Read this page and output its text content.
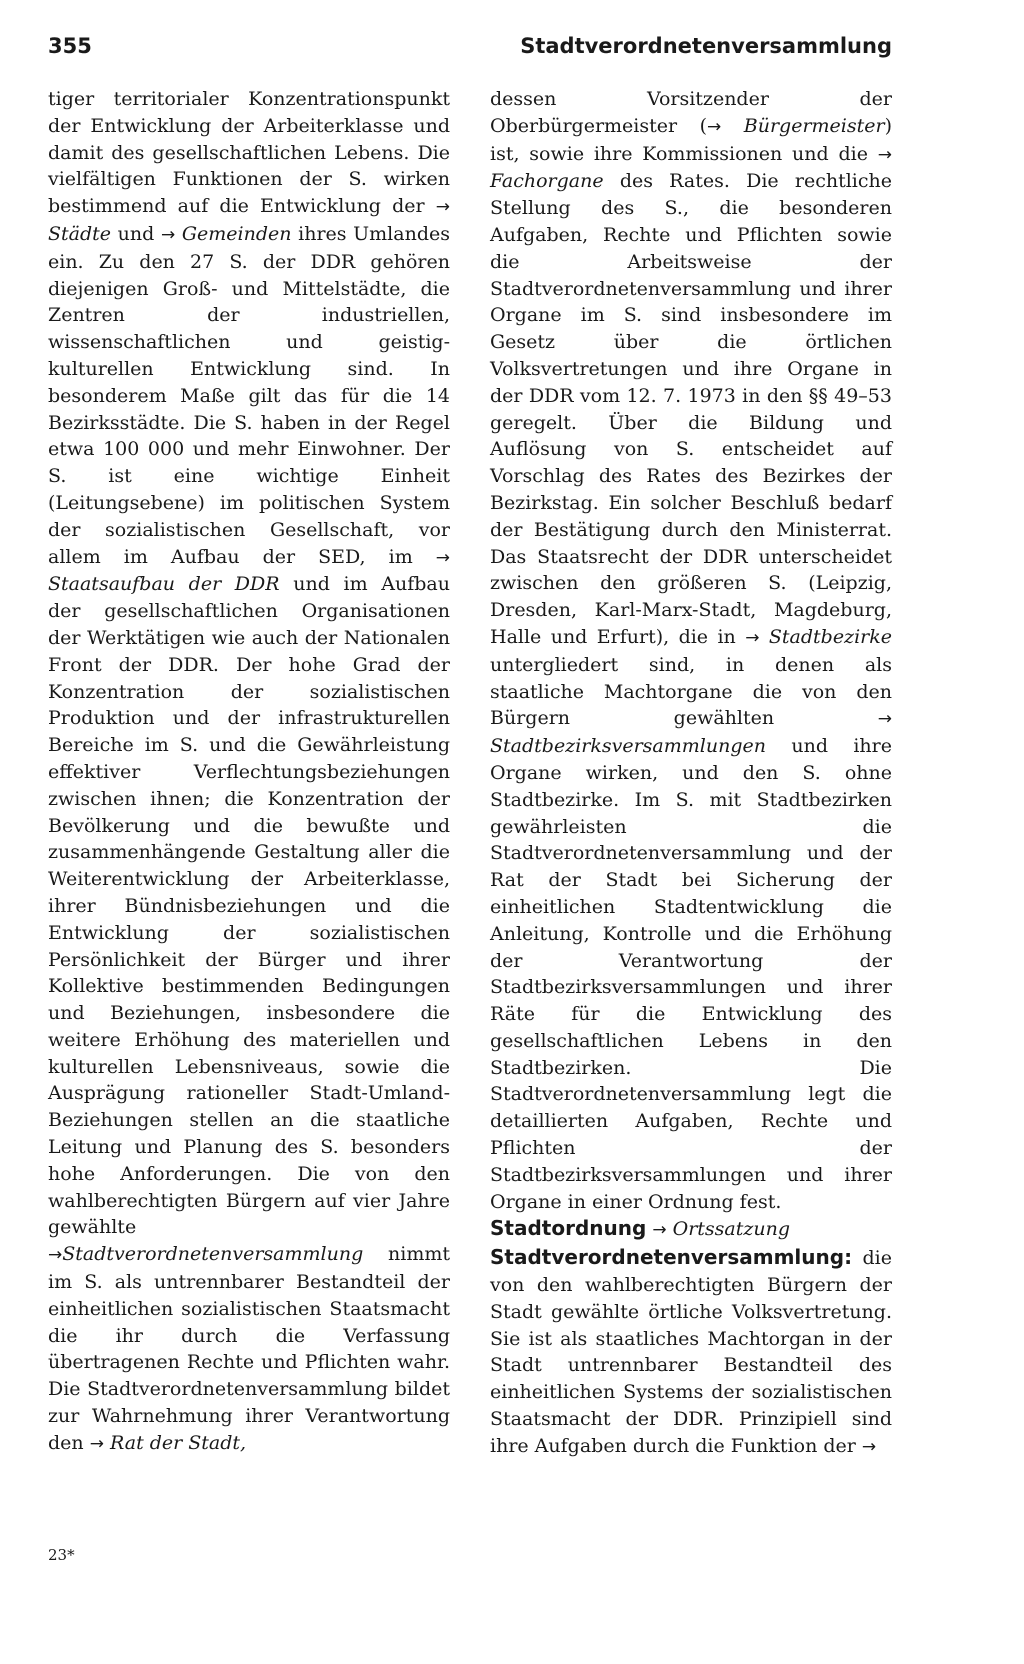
355	Stadtverordnetenversammlung

tiger territorialer Konzentrationspunkt der Entwicklung der Arbeiterklasse und damit des gesellschaftlichen Lebens. Die vielfältigen Funktionen der S. wirken bestimmend auf die Entwicklung der → Städte und → Gemeinden ihres Umlandes ein. Zu den 27 S. der DDR gehören diejenigen Groß- und Mittelstädte, die Zentren der industriellen, wissenschaftlichen und geistig-kulturellen Entwicklung sind. In besonderem Maße gilt das für die 14 Bezirksstädte. Die S. haben in der Regel etwa 100 000 und mehr Einwohner. Der S. ist eine wichtige Einheit (Leitungsebene) im politischen System der sozialistischen Gesellschaft, vor allem im Aufbau der SED, im → Staatsaufbau der DDR und im Aufbau der gesellschaftlichen Organisationen der Werktätigen wie auch der Nationalen Front der DDR. Der hohe Grad der Konzentration der sozialistischen Produktion und der infrastrukturellen Bereiche im S. und die Gewährleistung effektiver Verflechtungsbeziehungen zwischen ihnen; die Konzentration der Bevölkerung und die bewußte und zusammenhängende Gestaltung aller die Weiterentwicklung der Arbeiterklasse, ihrer Bündnisbeziehungen und die Entwicklung der sozialistischen Persönlichkeit der Bürger und ihrer Kollektive bestimmenden Bedingungen und Beziehungen, insbesondere die weitere Erhöhung des materiellen und kulturellen Lebensniveaus, sowie die Ausprägung rationeller Stadt-Umland-Beziehungen stellen an die staatliche Leitung und Planung des S. besonders hohe Anforderungen. Die von den wahlberechtigten Bürgern auf vier Jahre gewählte →Stadtverordnetenversammlung nimmt im S. als untrennbarer Bestandteil der einheitlichen sozialistischen Staatsmacht die ihr durch die Verfassung übertragenen Rechte und Pflichten wahr. Die Stadtverordnetenversammlung bildet zur Wahrnehmung ihrer Verantwortung den → Rat der Stadt,

dessen Vorsitzender der Oberbürgermeister (→ Bürgermeister) ist, sowie ihre Kommissionen und die → Fachorgane des Rates. Die rechtliche Stellung des S., die besonderen Aufgaben, Rechte und Pflichten sowie die Arbeitsweise der Stadtverordnetenversammlung und ihrer Organe im S. sind insbesondere im Gesetz über die örtlichen Volksvertretungen und ihre Organe in der DDR vom 12. 7. 1973 in den §§ 49–53 geregelt. Über die Bildung und Auflösung von S. entscheidet auf Vorschlag des Rates des Bezirkes der Bezirkstag. Ein solcher Beschluß bedarf der Bestätigung durch den Ministerrat. Das Staatsrecht der DDR unterscheidet zwischen den größeren S. (Leipzig, Dresden, Karl-Marx-Stadt, Magdeburg, Halle und Erfurt), die in → Stadtbezirke untergliedert sind, in denen als staatliche Machtorgane die von den Bürgern gewählten	→ Stadtbezirksversammlungen und ihre Organe wirken, und den S. ohne Stadtbezirke. Im S. mit Stadtbezirken gewährleisten die Stadtverordnetenversammlung und der Rat der Stadt bei Sicherung der einheitlichen Stadtentwicklung die Anleitung, Kontrolle und die Erhöhung der Verantwortung der Stadtbezirksversammlungen und ihrer Räte für die Entwicklung des gesellschaftlichen Lebens in den Stadtbezirken. Die Stadtverordnetenversammlung legt die detaillierten Aufgaben, Rechte und Pflichten der Stadtbezirksversammlungen und ihrer Organe in einer Ordnung fest.

Stadtordnung → Ortssatzung

Stadtverordnetenversammlung: die von den wahlberechtigten Bürgern der Stadt gewählte örtliche Volksvertretung. Sie ist als staatliches Machtorgan in der Stadt untrennbarer Bestandteil des einheitlichen Systems der sozialistischen Staatsmacht der DDR. Prinzipiell sind ihre Aufgaben durch die Funktion der →

23*
